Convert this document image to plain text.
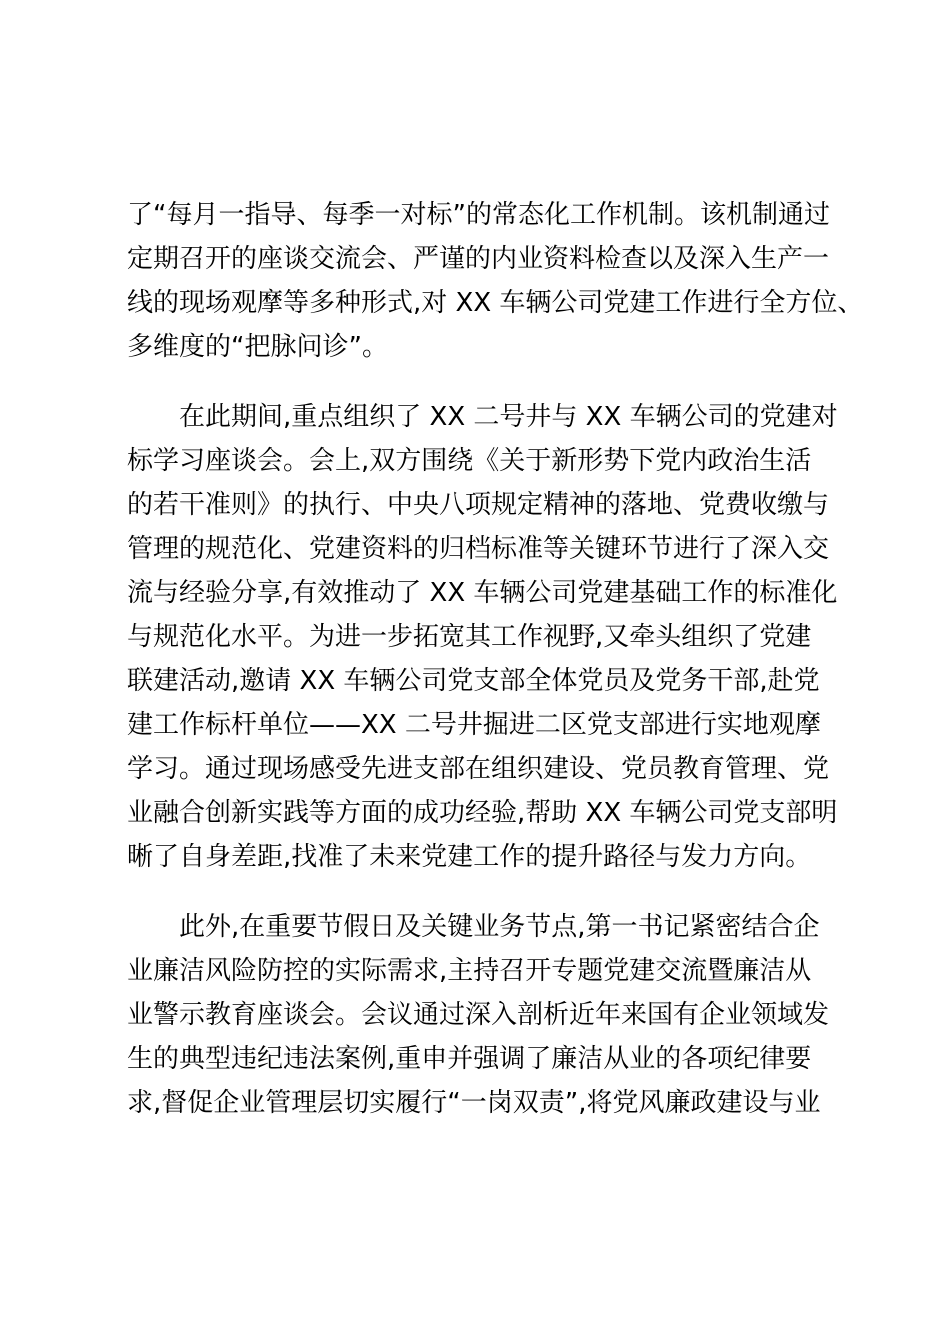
了“每月一指导、每季一对标”的常态化工作机制。该机制通过
定期召开的座谈交流会、严谨的内业资料检查以及深入生产一
线的现场观摩等多种形式,对 XX 车辆公司党建工作进行全方位、
多维度的“把脉问诊”。
在此期间,重点组织了 XX 二号井与 XX 车辆公司的党建对
标学习座谈会。会上,双方围绕《关于新形势下党内政治生活
的若干准则》的执行、中央八项规定精神的落地、党费收缴与
管理的规范化、党建资料的归档标准等关键环节进行了深入交
流与经验分享,有效推动了 XX 车辆公司党建基础工作的标准化
与规范化水平。为进一步拓宽其工作视野,又牵头组织了党建
联建活动,邀请 XX 车辆公司党支部全体党员及党务干部,赴党
建工作标杆单位——XX 二号井掘进二区党支部进行实地观摩
学习。通过现场感受先进支部在组织建设、党员教育管理、党
业融合创新实践等方面的成功经验,帮助 XX 车辆公司党支部明
晰了自身差距,找准了未来党建工作的提升路径与发力方向。
此外,在重要节假日及关键业务节点,第一书记紧密结合企
业廉洁风险防控的实际需求,主持召开专题党建交流暨廉洁从
业警示教育座谈会。会议通过深入剖析近年来国有企业领域发
生的典型违纪违法案例,重申并强调了廉洁从业的各项纪律要
求,督促企业管理层切实履行“一岗双责”,将党风廉政建设与业
